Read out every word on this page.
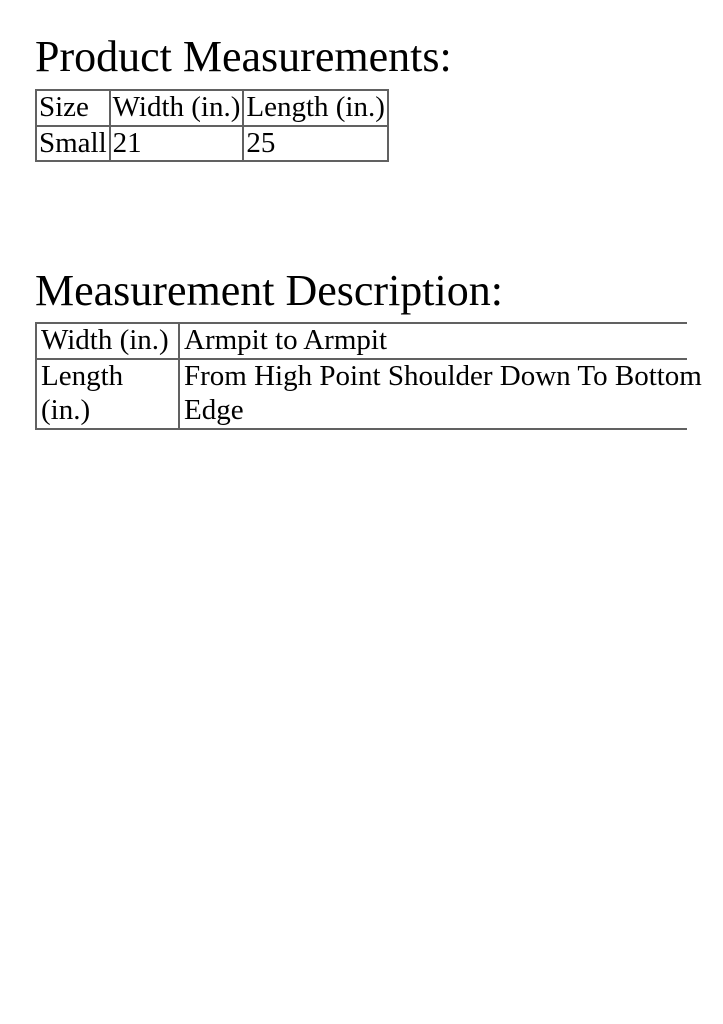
Product Measurements:
Size	Width (in.)	Length (in.)
Small	21	25
Measurement Description:
Width (in.)	Armpit to Armpit

Length (in.)	From High Point Shoulder Down To Bottom Edge
